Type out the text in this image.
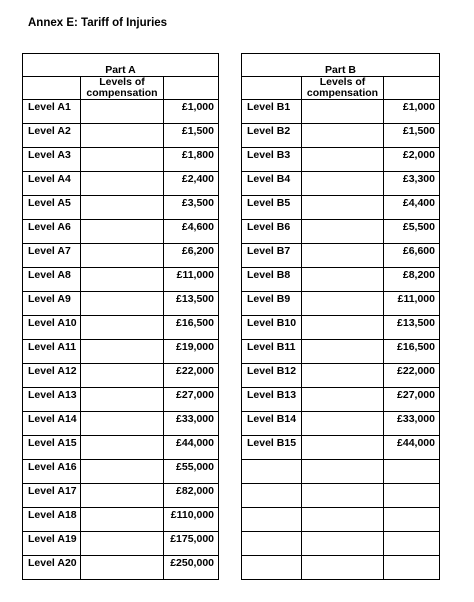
Annex E: Tariff of Injuries
Part A		

	Levels of
compensation	

Level A1		£1,000
Level A2		£1,500
Level A3		£1,800
Level A4		£2,400
Level A5		£3,500
Level A6		£4,600
Level A7		£6,200
Level A8		£11,000
Level A9		£13,500
Level A10		£16,500
Level A11		£19,000
Level A12		£22,000
Level A13		£27,000
Level A14		£33,000
Level A15		£44,000
Level A16		£55,000
Level A17		£82,000
Level A18		£110,000
Level A19		£175,000
Level A20		£250,000
Part B		

	Levels of
compensation	

Level B1		£1,000
Level B2		£1,500
Level B3		£2,000
Level B4		£3,300
Level B5		£4,400
Level B6		£5,500
Level B7		£6,600
Level B8		£8,200
Level B9		£11,000
Level B10		£13,500
Level B11		£16,500
Level B12		£22,000
Level B13		£27,000
Level B14		£33,000
Level B15		£44,000
